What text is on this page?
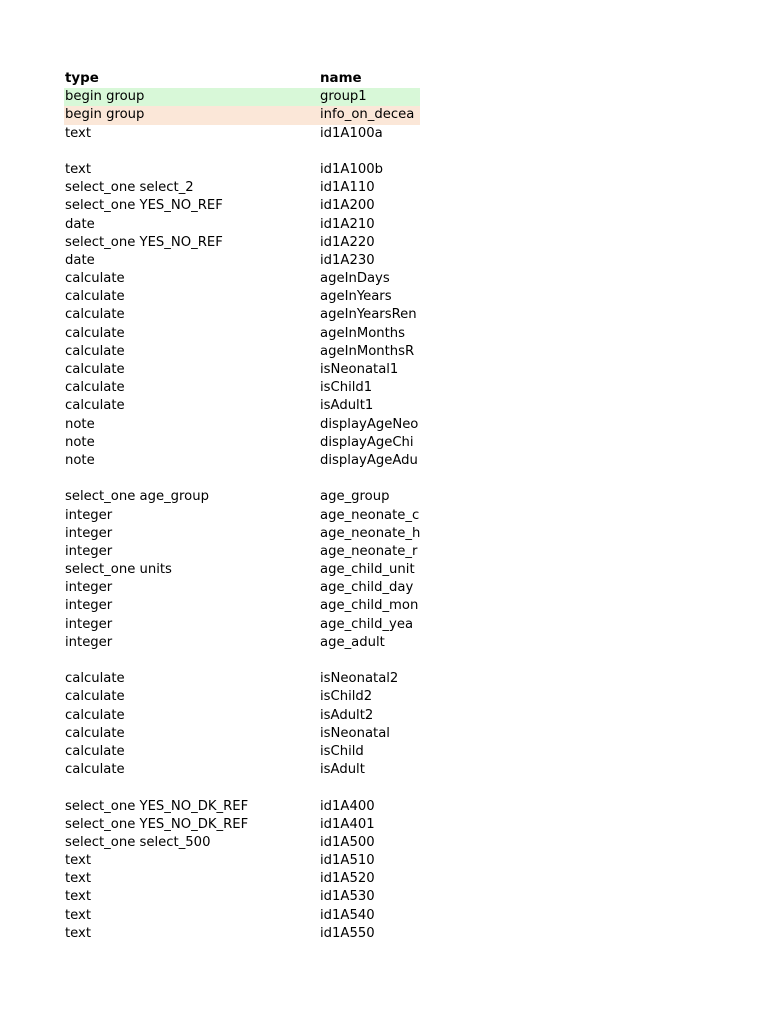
type	name
begin group	group1
begin group	info_on_decea
text	id1A100a
text	id1A100b
select_one select_2	id1A110
select_one YES_NO_REF	id1A200
date	id1A210
select_one YES_NO_REF	id1A220
date	id1A230
calculate	ageInDays
calculate	ageInYears
calculate	ageInYearsRen
calculate	ageInMonths
calculate	ageInMonthsR
calculate	isNeonatal1
calculate	isChild1
calculate	isAdult1
note	displayAgeNeo
note	displayAgeChi
note	displayAgeAdu
select_one age_group	age_group
integer	age_neonate_c
integer	age_neonate_h
integer	age_neonate_r
select_one units	age_child_unit
integer	age_child_day
integer	age_child_mon
integer	age_child_yea
integer	age_adult
calculate	isNeonatal2
calculate	isChild2
calculate	isAdult2
calculate	isNeonatal
calculate	isChild
calculate	isAdult
select_one YES_NO_DK_REF	id1A400
select_one YES_NO_DK_REF	id1A401
select_one select_500	id1A500
text	id1A510
text	id1A520
text	id1A530
text	id1A540
text	id1A550
